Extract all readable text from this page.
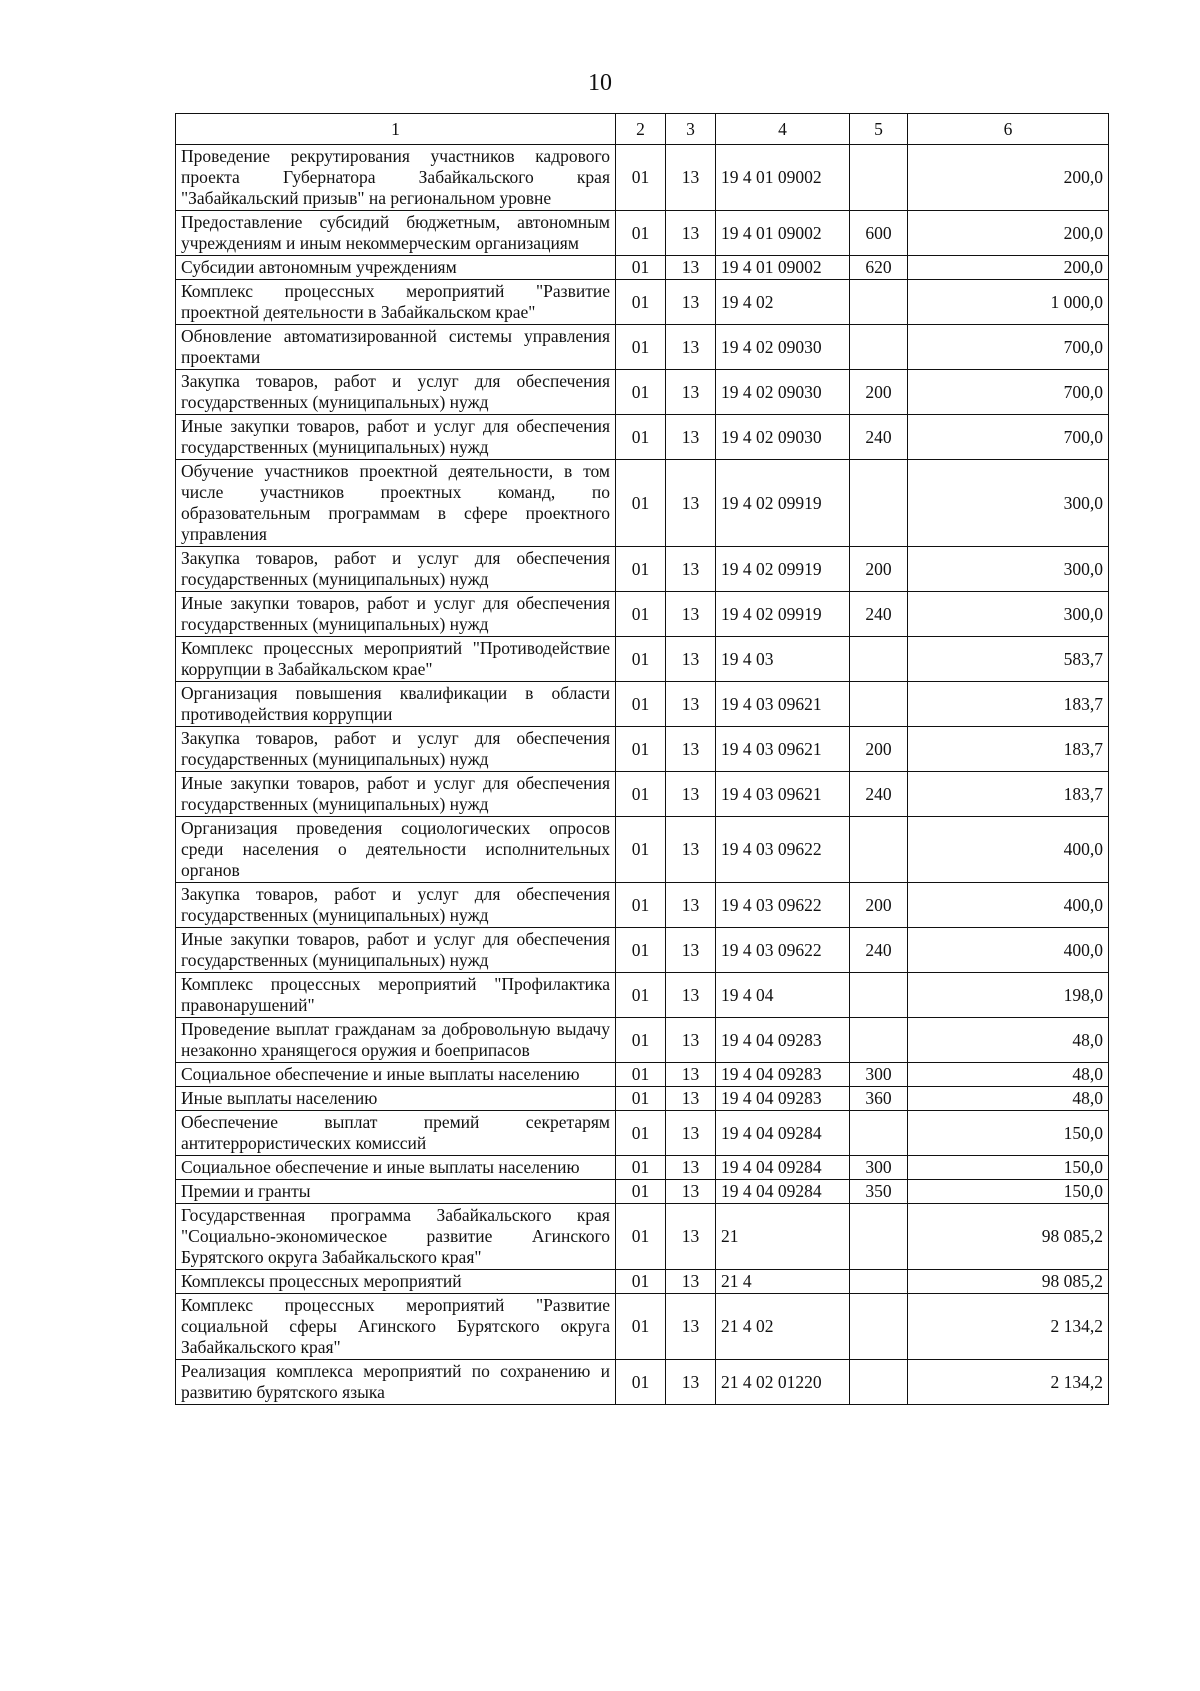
10
1	2	3	4	5	6
Проведение рекрутирования участников кадрового проекта Губернатора Забайкальского края "Забайкальский призыв" на региональном уровне	01	13	19 4 01 09002		200,0
Предоставление субсидий бюджетным, автономным учреждениям и иным некоммерческим организациям	01	13	19 4 01 09002	600	200,0
Субсидии автономным учреждениям	01	13	19 4 01 09002	620	200,0
Комплекс процессных мероприятий "Развитие проектной деятельности в Забайкальском крае"	01	13	19 4 02		1 000,0
Обновление автоматизированной системы управления проектами	01	13	19 4 02 09030		700,0
Закупка товаров, работ и услуг для обеспечения государственных (муниципальных) нужд	01	13	19 4 02 09030	200	700,0
Иные закупки товаров, работ и услуг для обеспечения государственных (муниципальных) нужд	01	13	19 4 02 09030	240	700,0
Обучение участников проектной деятельности, в том числе участников проектных команд, по образовательным программам в сфере проектного управления	01	13	19 4 02 09919		300,0
Закупка товаров, работ и услуг для обеспечения государственных (муниципальных) нужд	01	13	19 4 02 09919	200	300,0
Иные закупки товаров, работ и услуг для обеспечения государственных (муниципальных) нужд	01	13	19 4 02 09919	240	300,0
Комплекс процессных мероприятий "Противодействие коррупции в Забайкальском крае"	01	13	19 4 03		583,7
Организация повышения квалификации в области противодействия коррупции	01	13	19 4 03 09621		183,7
Закупка товаров, работ и услуг для обеспечения государственных (муниципальных) нужд	01	13	19 4 03 09621	200	183,7
Иные закупки товаров, работ и услуг для обеспечения государственных (муниципальных) нужд	01	13	19 4 03 09621	240	183,7
Организация проведения социологических опросов среди населения о деятельности исполнительных органов	01	13	19 4 03 09622		400,0
Закупка товаров, работ и услуг для обеспечения государственных (муниципальных) нужд	01	13	19 4 03 09622	200	400,0
Иные закупки товаров, работ и услуг для обеспечения государственных (муниципальных) нужд	01	13	19 4 03 09622	240	400,0
Комплекс процессных мероприятий "Профилактика правонарушений"	01	13	19 4 04		198,0
Проведение выплат гражданам за добровольную выдачу незаконно хранящегося оружия и боеприпасов	01	13	19 4 04 09283		48,0
Социальное обеспечение и иные выплаты населению	01	13	19 4 04 09283	300	48,0
Иные выплаты населению	01	13	19 4 04 09283	360	48,0
Обеспечение выплат премий секретарям антитеррористических комиссий	01	13	19 4 04 09284		150,0
Социальное обеспечение и иные выплаты населению	01	13	19 4 04 09284	300	150,0
Премии и гранты	01	13	19 4 04 09284	350	150,0
Государственная программа Забайкальского края "Социально-экономическое развитие Агинского Бурятского округа Забайкальского края"	01	13	21		98 085,2
Комплексы процессных мероприятий	01	13	21 4		98 085,2
Комплекс процессных мероприятий "Развитие социальной сферы Агинского Бурятского округа Забайкальского края"	01	13	21 4 02		2 134,2
Реализация комплекса мероприятий по сохранению и развитию бурятского языка	01	13	21 4 02 01220		2 134,2
